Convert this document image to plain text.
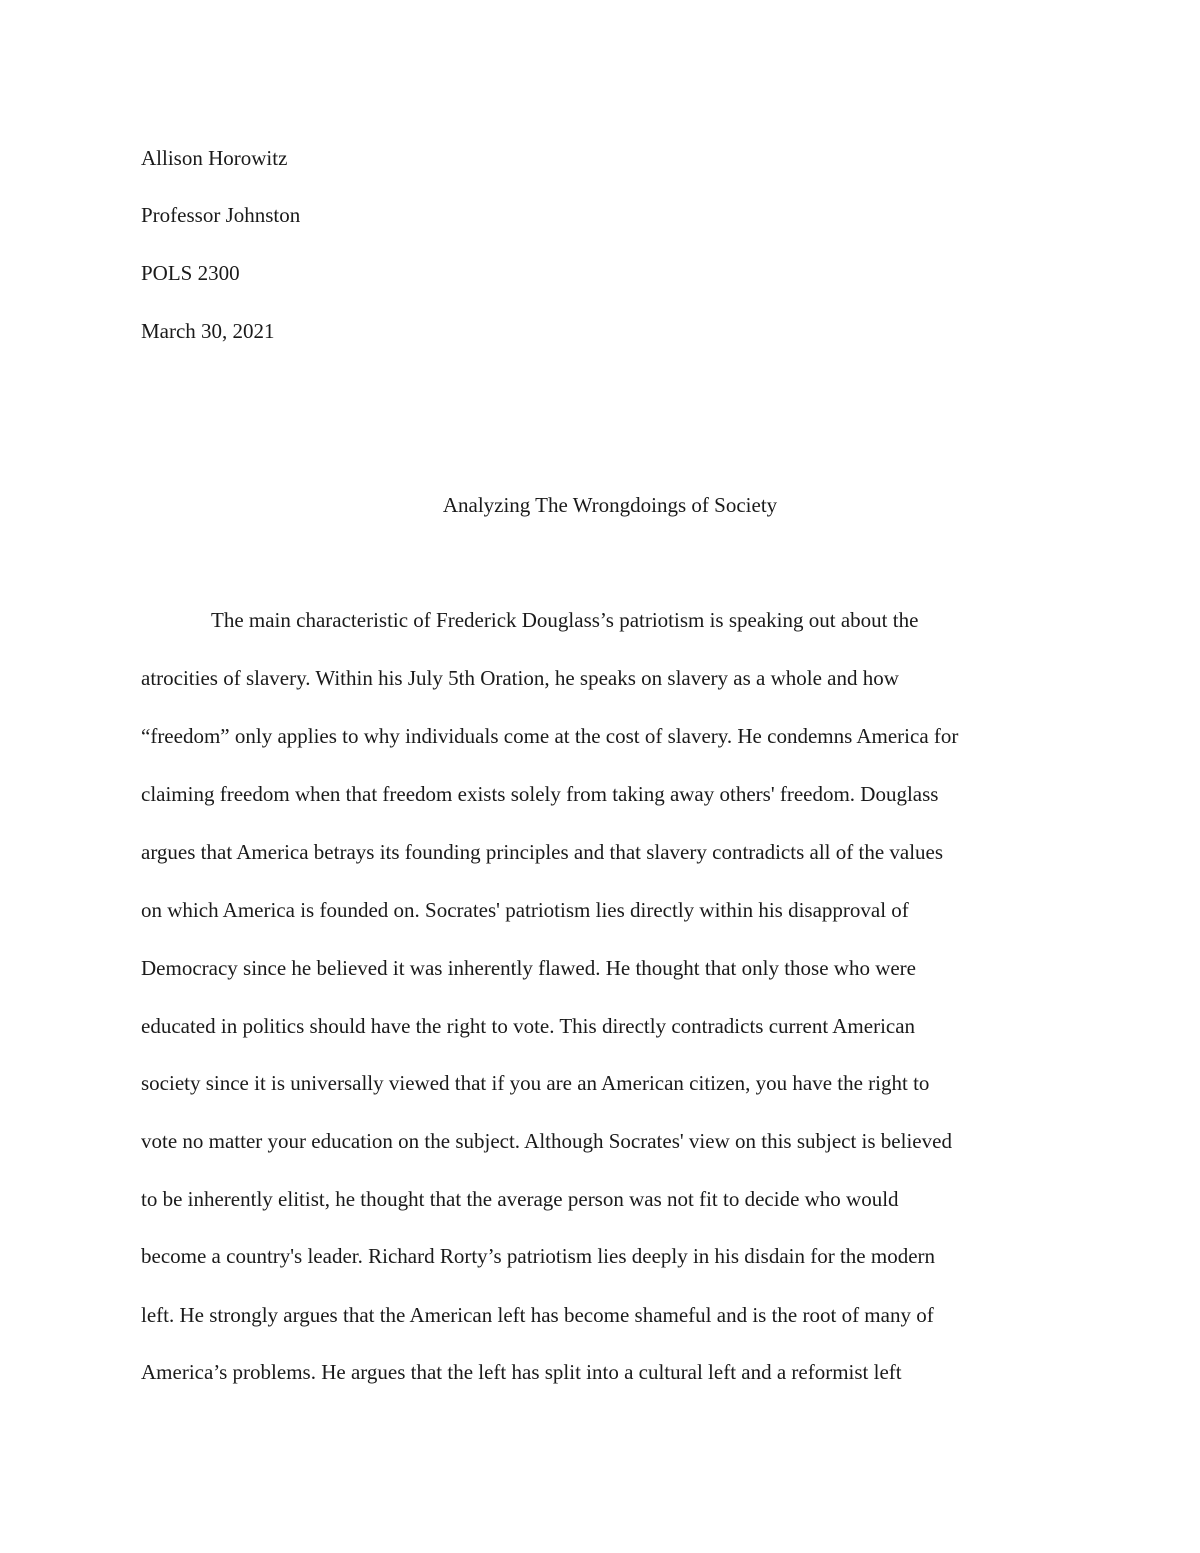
Allison Horowitz
Professor Johnston
POLS 2300
March 30, 2021
Analyzing The Wrongdoings of Society
The main characteristic of Frederick Douglass’s patriotism is speaking out about the
atrocities of slavery. Within his July 5th Oration, he speaks on slavery as a whole and how
“freedom” only applies to why individuals come at the cost of slavery. He condemns America for
claiming freedom when that freedom exists solely from taking away others' freedom. Douglass
argues that America betrays its founding principles and that slavery contradicts all of the values
on which America is founded on. Socrates' patriotism lies directly within his disapproval of
Democracy since he believed it was inherently flawed. He thought that only those who were
educated in politics should have the right to vote. This directly contradicts current American
society since it is universally viewed that if you are an American citizen, you have the right to
vote no matter your education on the subject. Although Socrates' view on this subject is believed
to be inherently elitist, he thought that the average person was not fit to decide who would
become a country's leader. Richard Rorty’s patriotism lies deeply in his disdain for the modern
left. He strongly argues that the American left has become shameful and is the root of many of
America’s problems. He argues that the left has split into a cultural left and a reformist left
